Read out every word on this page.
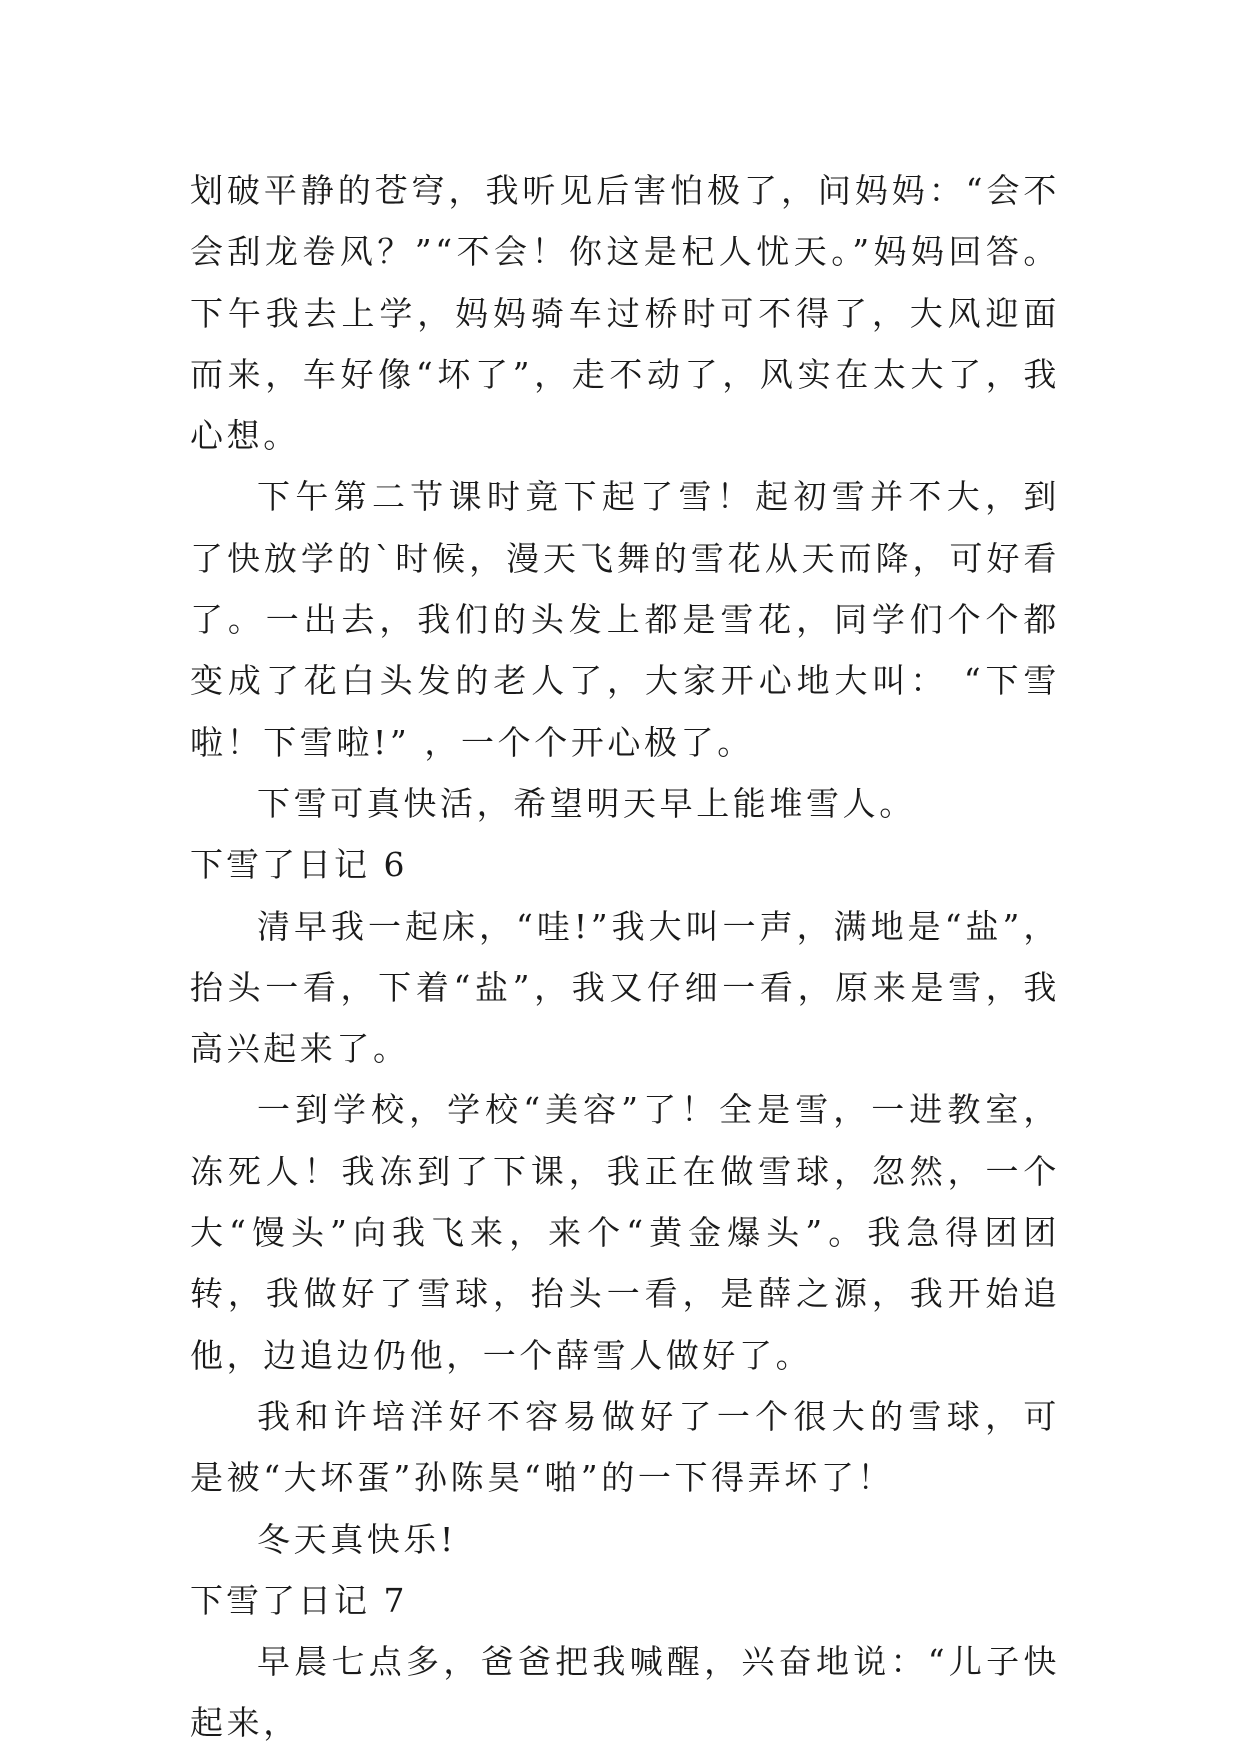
划破平静的苍穹，我听见后害怕极了，问妈妈：“会不会刮龙卷风？”“不会！你这是杞人忧天。”妈妈回答。下午我去上学，妈妈骑车过桥时可不得了，大风迎面而来，车好像“坏了”，走不动了，风实在太大了，我心想。

下午第二节课时竟下起了雪！起初雪并不大，到了快放学的`时候，漫天飞舞的雪花从天而降，可好看了。一出去，我们的头发上都是雪花，同学们个个都变成了花白头发的老人了，大家开心地大叫： “下雪啦！下雪啦!” ，一个个开心极了。

下雪可真快活，希望明天早上能堆雪人。

下雪了日记 6

清早我一起床，“哇!”我大叫一声，满地是“盐”，抬头一看，下着“盐”，我又仔细一看，原来是雪，我高兴起来了。

一到学校，学校“美容”了！全是雪，一进教室，冻死人！我冻到了下课，我正在做雪球，忽然，一个大“馒头”向我飞来，来个“黄金爆头”。我急得团团转，我做好了雪球，抬头一看，是薛之源，我开始追他，边追边仍他，一个薛雪人做好了。

我和许培洋好不容易做好了一个很大的雪球，可是被“大坏蛋”孙陈昊“啪”的一下得弄坏了！

冬天真快乐!

下雪了日记 7

早晨七点多，爸爸把我喊醒，兴奋地说：“儿子快起来，
